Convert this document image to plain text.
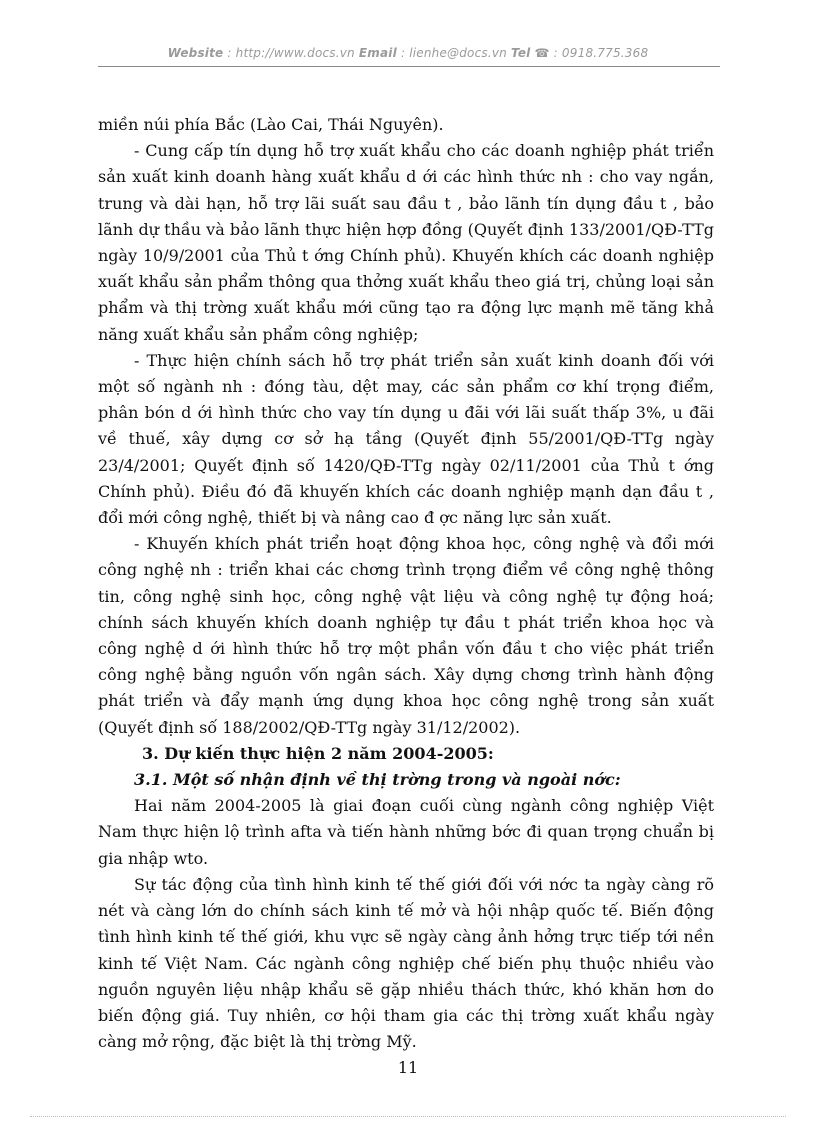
Website : http://www.docs.vn Email : lienhe@docs.vn Tel ☎ : 0918.775.368

miền núi phía Bắc (Lào Cai, Thái Nguyên).

- Cung cấp tín dụng hỗ trợ xuất khẩu cho các doanh nghiệp phát triển sản xuất kinh doanh hàng xuất khẩu d ới các hình thức nh : cho vay ngắn, trung và dài hạn, hỗ trợ lãi suất sau đầu t , bảo lãnh tín dụng đầu t , bảo lãnh dự thầu và bảo lãnh thực hiện hợp đồng (Quyết định 133/2001/QĐ-TTg ngày 10/9/2001 của Thủ t ớng Chính phủ). Khuyến khích các doanh nghiệp xuất khẩu sản phẩm thông qua thởng xuất khẩu theo giá trị, chủng loại sản phẩm và thị trờng xuất khẩu mới cũng tạo ra động lực mạnh mẽ tăng khả năng xuất khẩu sản phẩm công nghiệp;

- Thực hiện chính sách hỗ trợ phát triển sản xuất kinh doanh đối với một số ngành nh : đóng tàu, dệt may, các sản phẩm cơ khí trọng điểm, phân bón d ới hình thức cho vay tín dụng u đãi với lãi suất thấp 3%, u đãi về thuế, xây dựng cơ sở hạ tầng (Quyết định 55/2001/QĐ-TTg ngày 23/4/2001; Quyết định số 1420/QĐ-TTg ngày 02/11/2001 của Thủ t ớng Chính phủ). Điều đó đã khuyến khích các doanh nghiệp mạnh dạn đầu t , đổi mới công nghệ, thiết bị và nâng cao đ ợc năng lực sản xuất.

- Khuyến khích phát triển hoạt động khoa học, công nghệ và đổi mới công nghệ nh : triển khai các chơng trình trọng điểm về công nghệ thông tin, công nghệ sinh học, công nghệ vật liệu và công nghệ tự động hoá; chính sách khuyến khích doanh nghiệp tự đầu t phát triển khoa học và công nghệ d ới hình thức hỗ trợ một phần vốn đầu t cho việc phát triển công nghệ bằng nguồn vốn ngân sách. Xây dựng chơng trình hành động phát triển và đẩy mạnh ứng dụng khoa học công nghệ trong sản xuất (Quyết định số 188/2002/QĐ-TTg ngày 31/12/2002).

3. Dự kiến thực hiện 2 năm 2004-2005:

3.1. Một số nhận định về thị trờng trong và ngoài nớc:

Hai năm 2004-2005 là giai đoạn cuối cùng ngành công nghiệp Việt Nam thực hiện lộ trình afta và tiến hành những bớc đi quan trọng chuẩn bị gia nhập wto.

Sự tác động của tình hình kinh tế thế giới đối với nớc ta ngày càng rõ nét và càng lớn do chính sách kinh tế mở và hội nhập quốc tế. Biến động tình hình kinh tế thế giới, khu vực sẽ ngày càng ảnh hởng trực tiếp tới nền kinh tế Việt Nam. Các ngành công nghiệp chế biến phụ thuộc nhiều vào nguồn nguyên liệu nhập khẩu sẽ gặp nhiều thách thức, khó khăn hơn do biến động giá. Tuy nhiên, cơ hội tham gia các thị trờng xuất khẩu ngày càng mở rộng, đặc biệt là thị trờng Mỹ.

11
